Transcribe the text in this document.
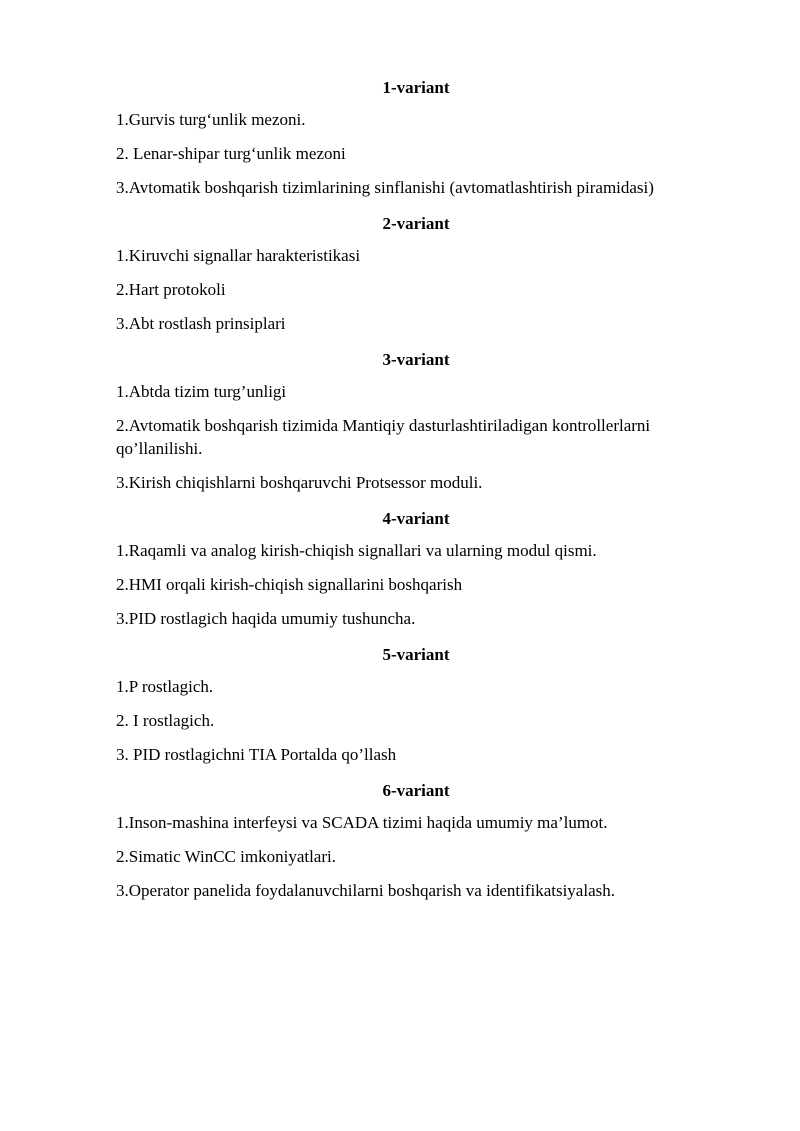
1-variant

1.Gurvis turg‘unlik mezoni.

2. Lenar-shipar turg‘unlik mezoni

3.Avtomatik boshqarish tizimlarining sinflanishi (avtomatlashtirish piramidasi)

2-variant

1.Kiruvchi signallar harakteristikasi

2.Hart protokoli

3.Abt rostlash prinsiplari

3-variant

1.Abtda tizim turg’unligi

2.Avtomatik boshqarish tizimida Mantiqiy dasturlashtiriladigan kontrollerlarni qo’llanilishi.

3.Kirish chiqishlarni boshqaruvchi Protsessor moduli.

4-variant

1.Raqamli va analog kirish-chiqish signallari va ularning modul qismi.

2.HMI orqali kirish-chiqish signallarini boshqarish

3.PID rostlagich haqida umumiy tushuncha.

5-variant

1.P rostlagich.

2. I rostlagich.

3. PID rostlagichni TIA Portalda qo’llash

6-variant

1.Inson-mashina interfeysi va SCADA tizimi haqida umumiy ma’lumot.

2.Simatic WinCC imkoniyatlari.

3.Operator panelida foydalanuvchilarni boshqarish va identifikatsiyalash.
